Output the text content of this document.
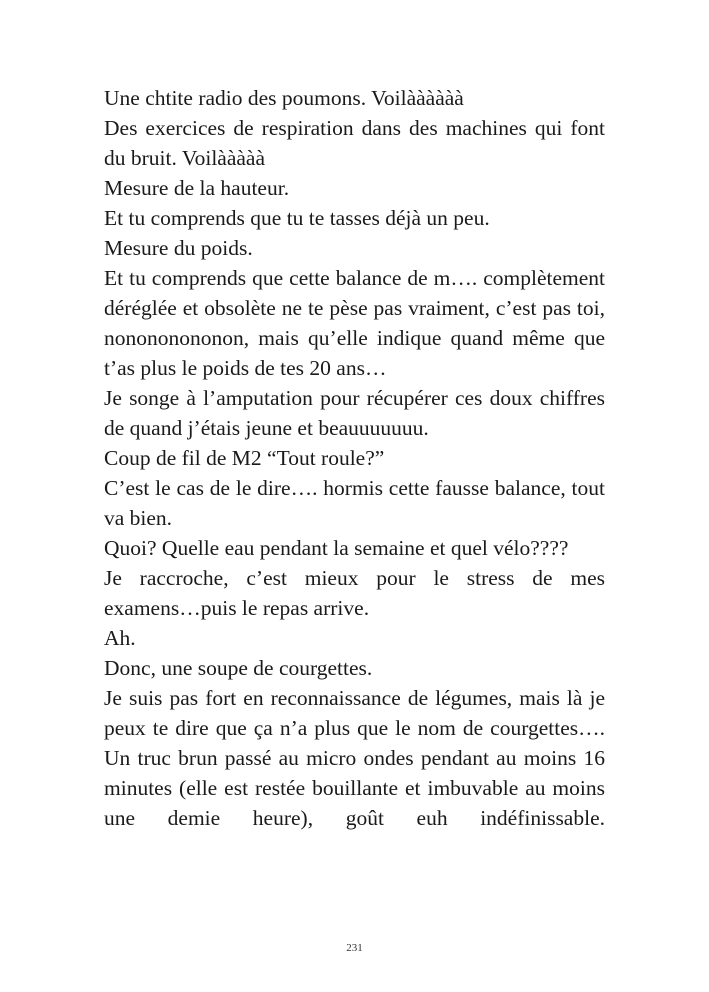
Une chtite radio des poumons. Voilàààààà

Des exercices de respiration dans des machines qui font du bruit. Voilààààà

Mesure de la hauteur.

Et tu comprends que tu te tasses déjà un peu.

Mesure du poids.

Et tu comprends que cette balance de m…. complètement déréglée et obsolète ne te pèse pas vraiment, c’est pas toi, nonononononon, mais qu’elle indique quand même que t’as plus le poids de tes 20 ans…

Je songe à l’amputation pour récupérer ces doux chiffres de quand j’étais jeune et beauuuuuuu.

Coup de fil de M2 “Tout roule?”

C’est le cas de le dire…. hormis cette fausse balance, tout va bien.

Quoi? Quelle eau pendant la semaine et quel vélo????

Je raccroche, c’est mieux pour le stress de mes examens…puis le repas arrive.

Ah.

Donc, une soupe de courgettes.

Je suis pas fort en reconnaissance de légumes, mais là je peux te dire que ça n’a plus que le nom de courgettes…. Un truc brun passé au micro ondes pendant au moins 16 minutes (elle est restée bouillante et imbuvable au moins une demie heure), goût euh indéfinissable.

231
